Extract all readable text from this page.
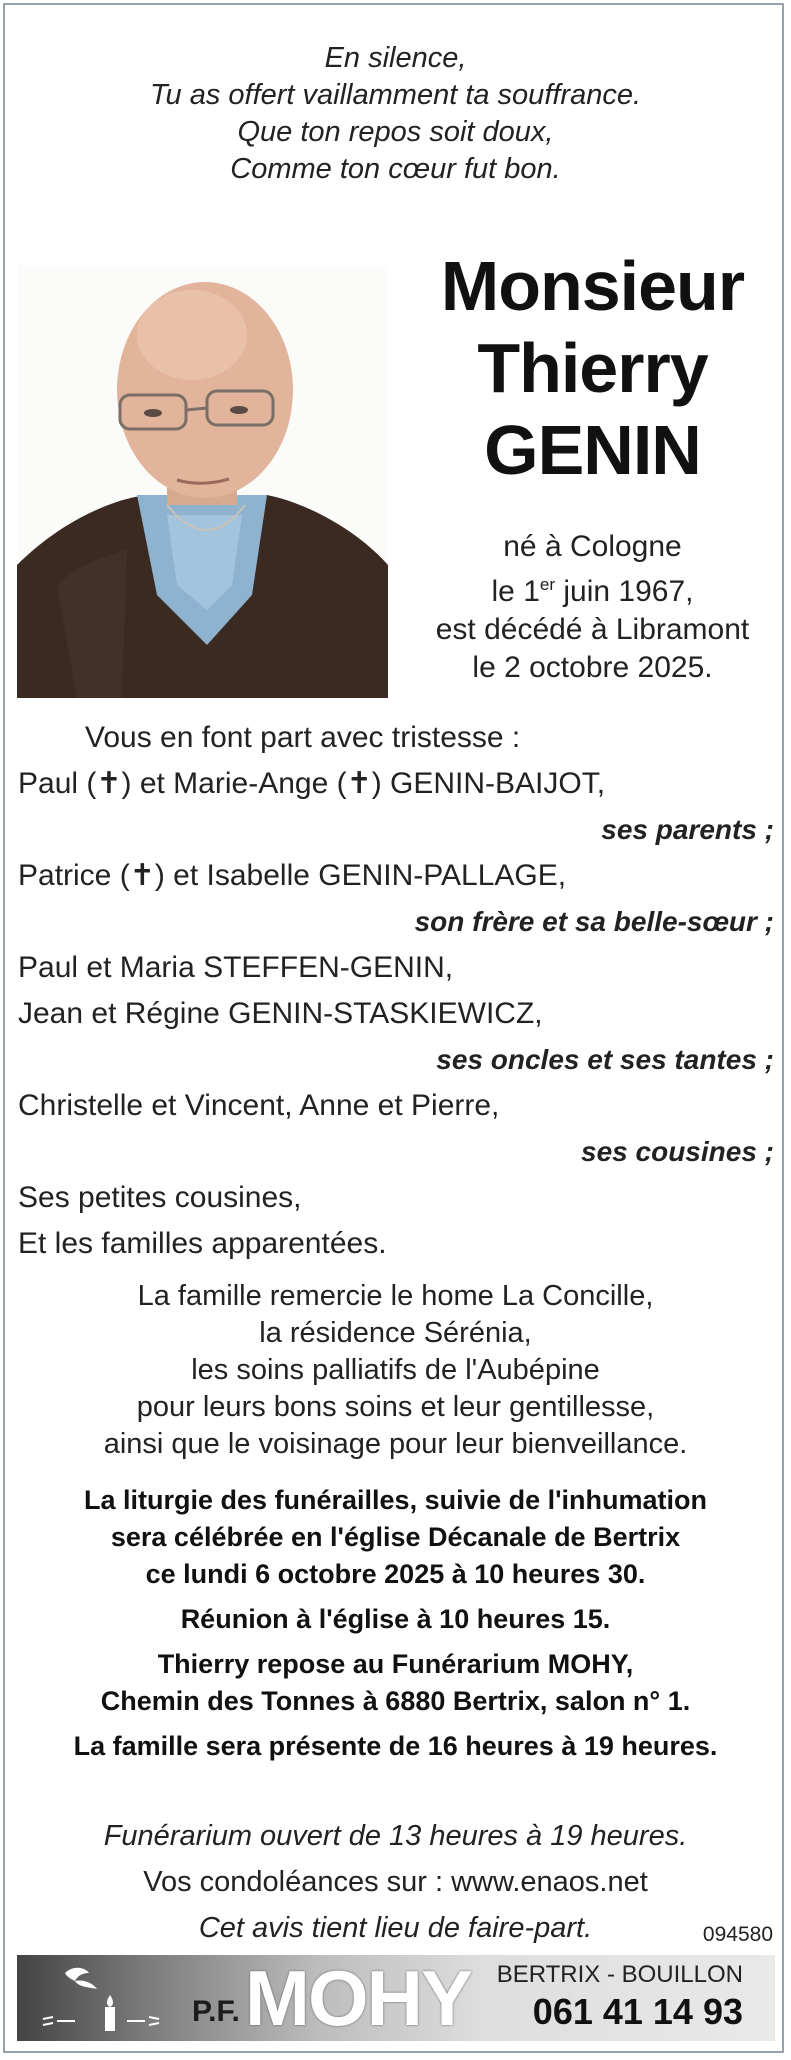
En silence,
Tu as offert vaillamment ta souffrance.
Que ton repos soit doux,
Comme ton cœur fut bon.
Monsieur
Thierry
GENIN
né à Cologne
le 1er juin 1967,
est décédé à Libramont
le 2 octobre 2025.
Vous en font part avec tristesse :
Paul (✝) et Marie-Ange (✝) GENIN-BAIJOT,
ses parents ;
Patrice (✝) et Isabelle GENIN-PALLAGE,
son frère et sa belle-sœur ;
Paul et Maria STEFFEN-GENIN,
Jean et Régine GENIN-STASKIEWICZ,
ses oncles et ses tantes ;
Christelle et Vincent, Anne et Pierre,
ses cousines ;
Ses petites cousines,
Et les familles apparentées.
La famille remercie le home La Concille,
la résidence Sérénia,
les soins palliatifs de l'Aubépine
pour leurs bons soins et leur gentillesse,
ainsi que le voisinage pour leur bienveillance.
La liturgie des funérailles, suivie de l'inhumation
sera célébrée en l'église Décanale de Bertrix
ce lundi 6 octobre 2025 à 10 heures 30.
Réunion à l'église à 10 heures 15.
Thierry repose au Funérarium MOHY,
Chemin des Tonnes à 6880 Bertrix, salon n° 1.
La famille sera présente de 16 heures à 19 heures.
Funérarium ouvert de 13 heures à 19 heures.
Vos condoléances sur : www.enaos.net
Cet avis tient lieu de faire-part.	094580
P.F. MOHY BERTRIX - BOUILLON
061 41 14 93
